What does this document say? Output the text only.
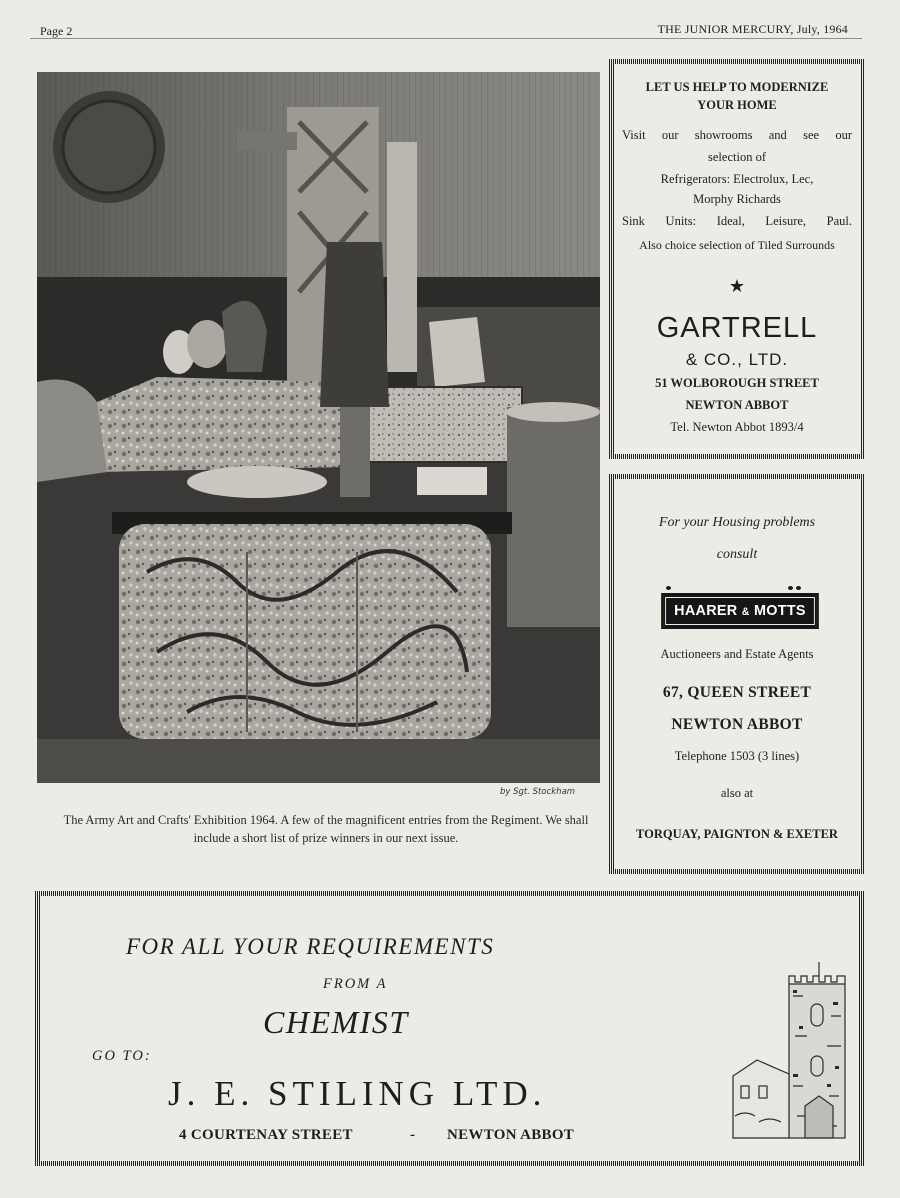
Page 2	THE JUNIOR MERCURY, July, 1964
by Sgt. Stockham
The Army Art and Crafts' Exhibition 1964. A few of the magnificent entries from the Regiment. We shall include a short list of prize winners in our next issue.
LET US HELP TO MODERNIZE
YOUR HOME
Visit our showrooms and see our
selection of
Refrigerators: Electrolux, Lec,
Morphy Richards
Sink Units: Ideal, Leisure, Paul.
Also choice selection of Tiled Surrounds
★
GARTRELL
& CO., LTD.
51 WOLBOROUGH STREET
NEWTON ABBOT
Tel. Newton Abbot 1893/4
For your Housing problems
consult
HAARER & MOTTS
Auctioneers and Estate Agents
67, QUEEN STREET
NEWTON ABBOT
Telephone 1503 (3 lines)
also at
TORQUAY, PAIGNTON & EXETER
FOR ALL YOUR REQUIREMENTS
FROM A
CHEMIST
GO TO:
J. E. STILING LTD.
4 COURTENAY STREET	- NEWTON ABBOT
